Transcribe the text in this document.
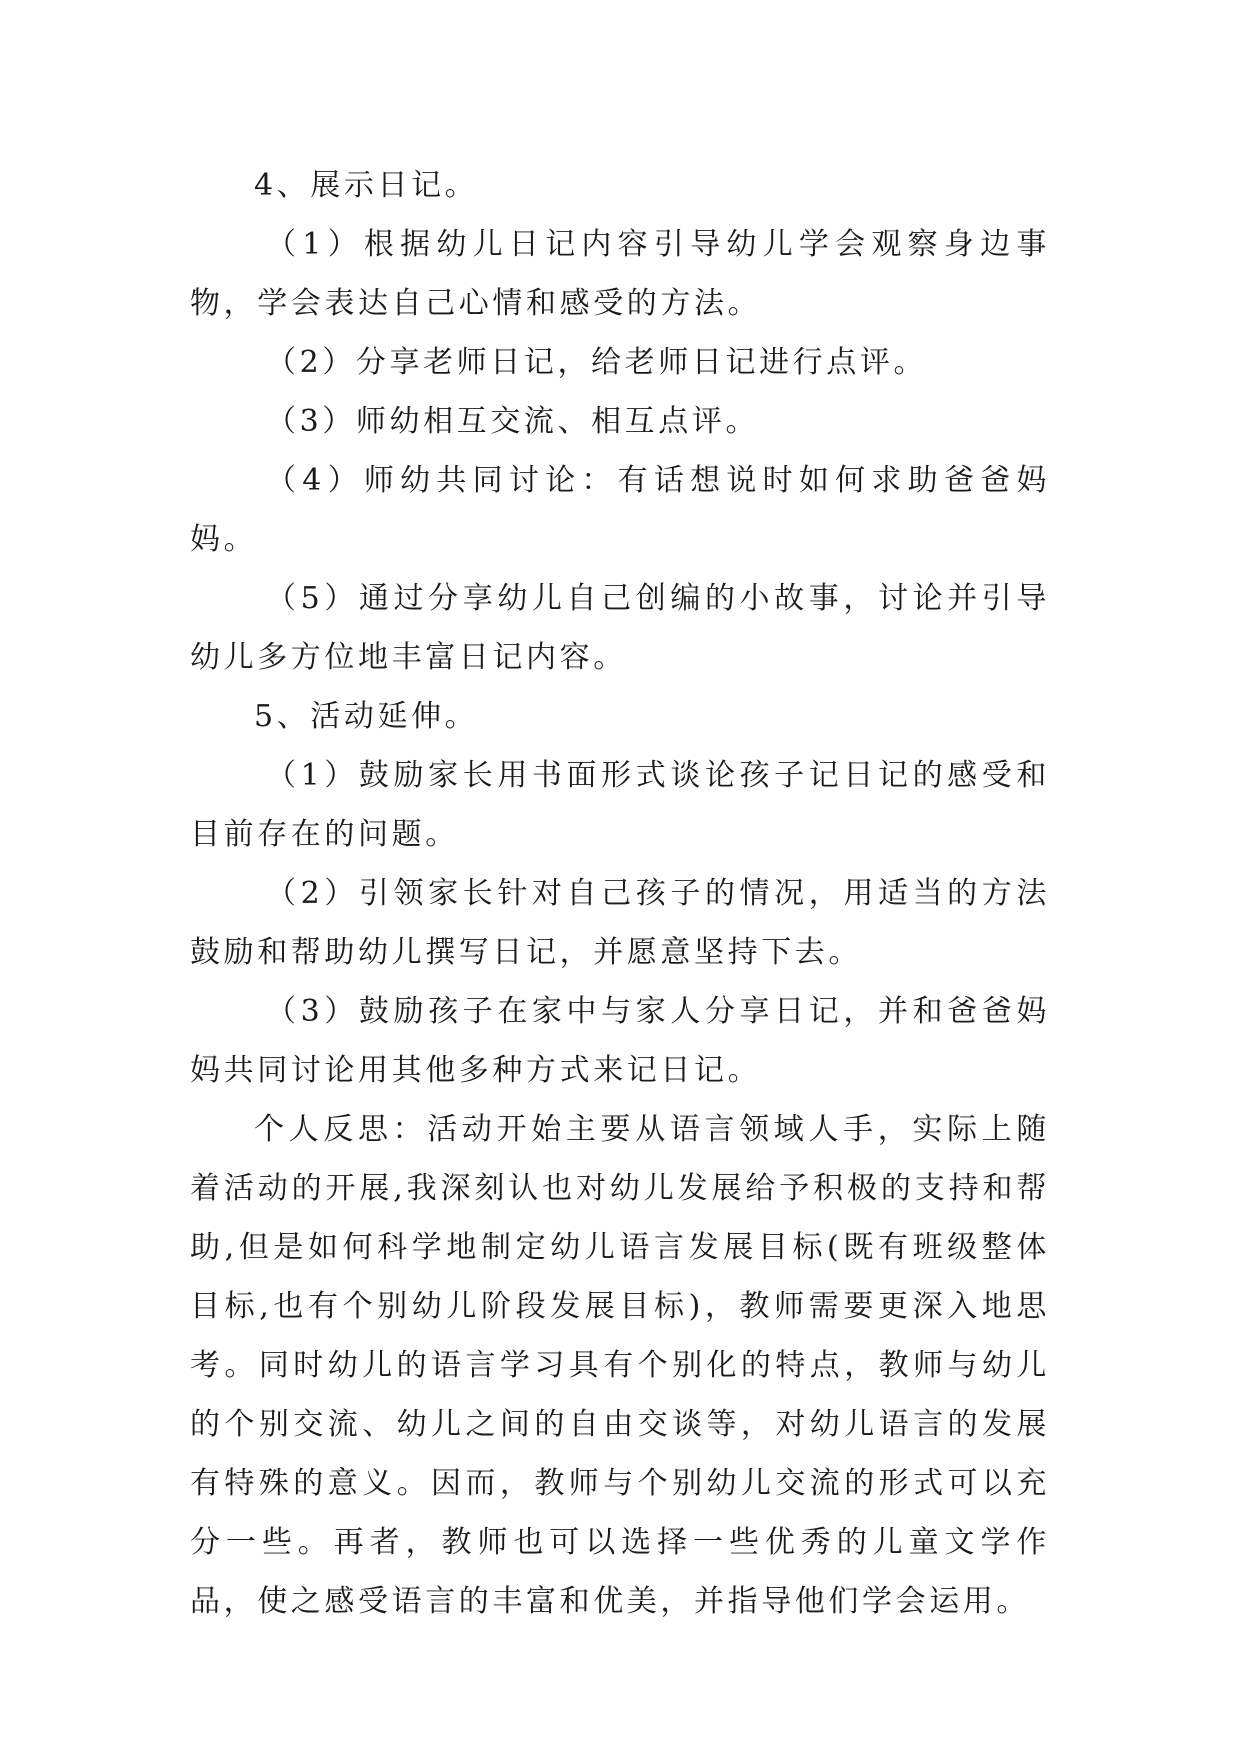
4、展示日记。

（1）根据幼儿日记内容引导幼儿学会观察身边事物，学会表达自己心情和感受的方法。

（2）分享老师日记，给老师日记进行点评。

（3）师幼相互交流、相互点评。

（4）师幼共同讨论：有话想说时如何求助爸爸妈妈。

（5）通过分享幼儿自己创编的小故事，讨论并引导幼儿多方位地丰富日记内容。

5、活动延伸。

（1）鼓励家长用书面形式谈论孩子记日记的感受和目前存在的问题。

（2）引领家长针对自己孩子的情况，用适当的方法鼓励和帮助幼儿撰写日记，并愿意坚持下去。

（3）鼓励孩子在家中与家人分享日记，并和爸爸妈妈共同讨论用其他多种方式来记日记。

个人反思：活动开始主要从语言领域人手，实际上随着活动的开展,我深刻认也对幼儿发展给予积极的支持和帮助,但是如何科学地制定幼儿语言发展目标(既有班级整体目标,也有个别幼儿阶段发展目标)，教师需要更深入地思考。同时幼儿的语言学习具有个别化的特点，教师与幼儿的个别交流、幼儿之间的自由交谈等，对幼儿语言的发展有特殊的意义。因而，教师与个别幼儿交流的形式可以充分一些。再者，教师也可以选择一些优秀的儿童文学作品，使之感受语言的丰富和优美，并指导他们学会运用。
